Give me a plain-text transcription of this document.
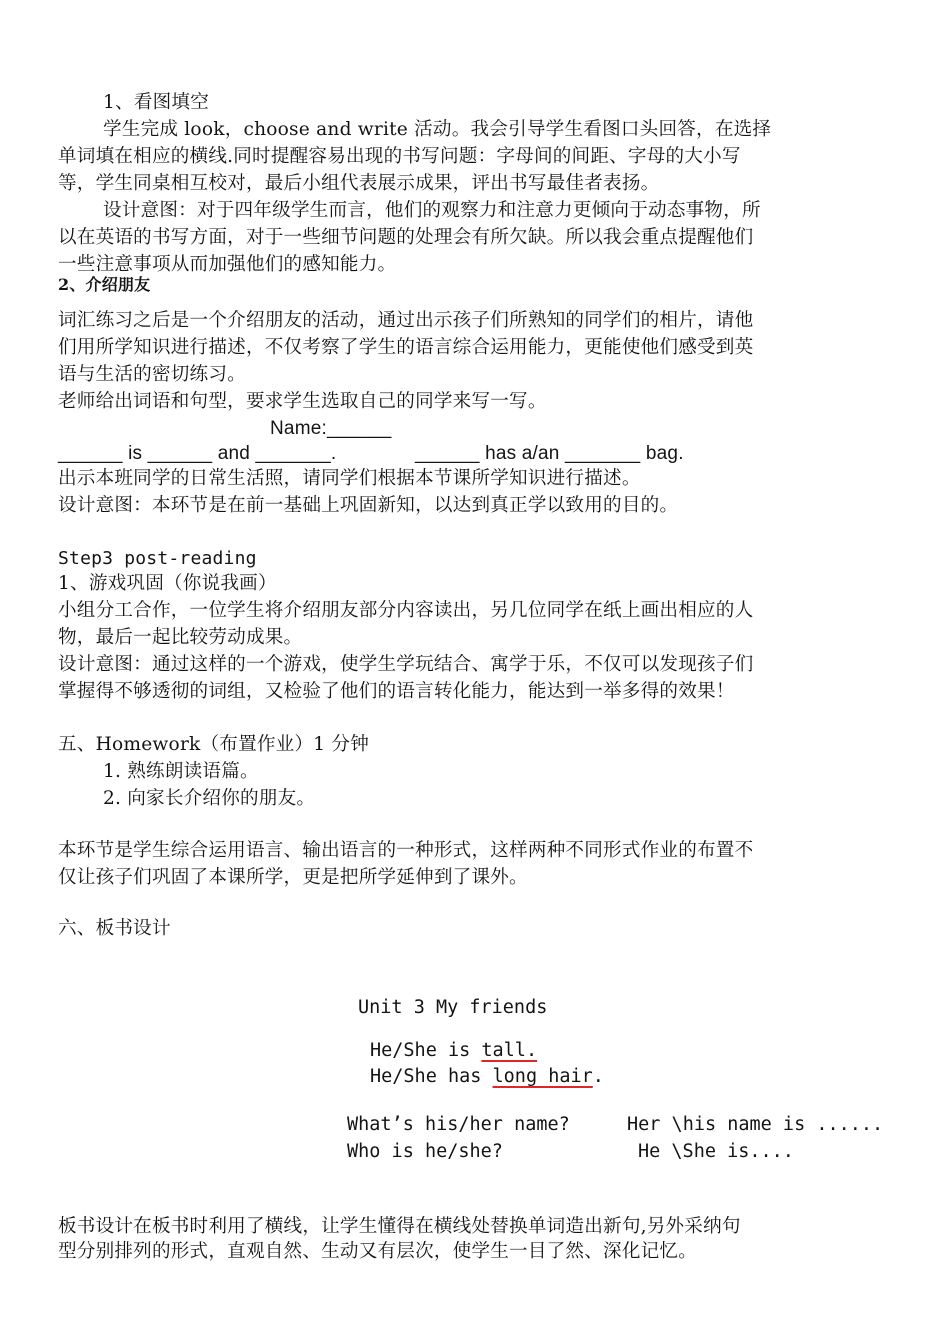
1、看图填空
学生完成 look，choose and write 活动。我会引导学生看图口头回答，在选择
单词填在相应的横线.同时提醒容易出现的书写问题：字母间的间距、字母的大小写
等，学生同桌相互校对，最后小组代表展示成果，评出书写最佳者表扬。
设计意图：对于四年级学生而言，他们的观察力和注意力更倾向于动态事物，所
以在英语的书写方面，对于一些细节问题的处理会有所欠缺。所以我会重点提醒他们
一些注意事项从而加强他们的感知能力。
2、介绍朋友
词汇练习之后是一个介绍朋友的活动，通过出示孩子们所熟知的同学们的相片，请他
们用所学知识进行描述，不仅考察了学生的语言综合运用能力，更能使他们感受到英
语与生活的密切练习。
老师给出词语和句型，要求学生选取自己的同学来写一写。
Name:______
______ is ______ and _______.	______ has a/an _______ bag.
出示本班同学的日常生活照，请同学们根据本节课所学知识进行描述。
设计意图：本环节是在前一基础上巩固新知，以达到真正学以致用的目的。
Step3 post-reading
1、游戏巩固（你说我画）
小组分工合作，一位学生将介绍朋友部分内容读出，另几位同学在纸上画出相应的人
物，最后一起比较劳动成果。
设计意图：通过这样的一个游戏，使学生学玩结合、寓学于乐，不仅可以发现孩子们
掌握得不够透彻的词组，又检验了他们的语言转化能力，能达到一举多得的效果！
五、Homework（布置作业）1 分钟
1. 熟练朗读语篇。
2. 向家长介绍你的朋友。
本环节是学生综合运用语言、输出语言的一种形式，这样两种不同形式作业的布置不
仅让孩子们巩固了本课所学，更是把所学延伸到了课外。
六、板书设计
Unit 3 My friends
He/She is tall.
He/She has long hair.
What’s his/her name?	Her \his name is ......
Who is he/she?	He \She is....
板书设计在板书时利用了横线，让学生懂得在横线处替换单词造出新句,另外采纳句
型分别排列的形式，直观自然、生动又有层次，使学生一目了然、深化记忆。
